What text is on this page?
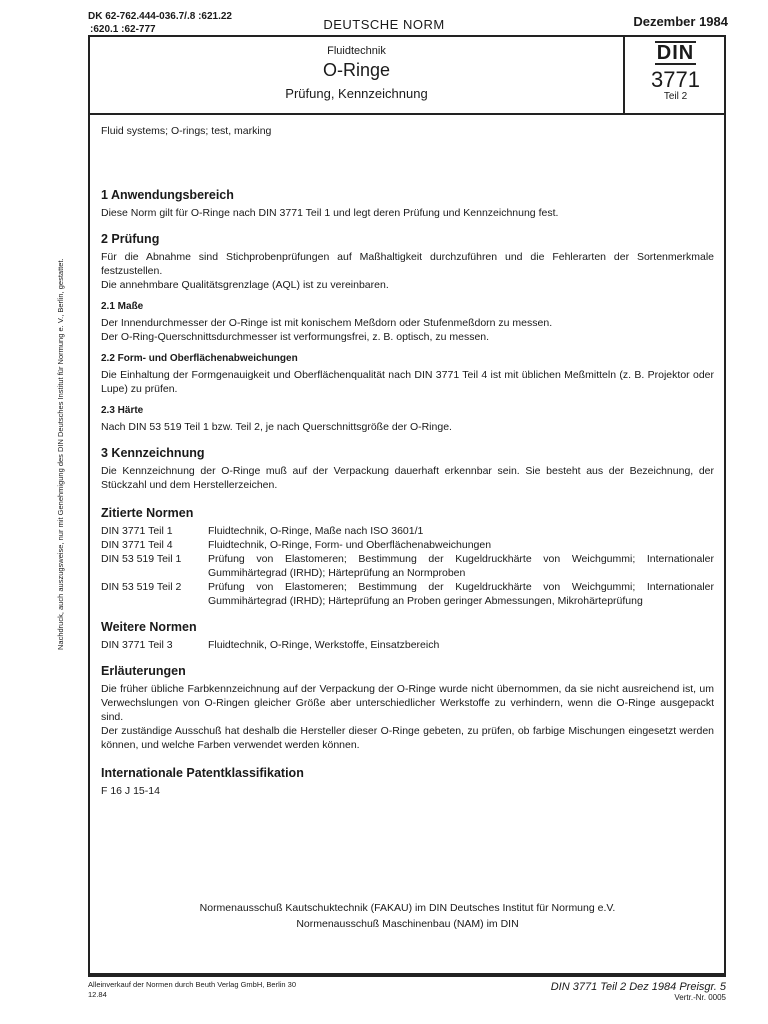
DK 62-762.444-036.7/.8 :621.22
:620.1 :62-777	DEUTSCHE NORM	Dezember 1984
Fluidtechnik
O-Ringe
Prüfung, Kennzeichnung
DIN
3771
Teil 2
Nachdruck, auch auszugsweise, nur mit Genehmigung des DIN Deutsches Institut für Normung e. V., Berlin, gestattet.

Fluid systems; O-rings; test, marking

1 Anwendungsbereich

Diese Norm gilt für O-Ringe nach DIN 3771 Teil 1 und legt deren Prüfung und Kennzeichnung fest.

2 Prüfung

Für die Abnahme sind Stichprobenprüfungen auf Maßhaltigkeit durchzuführen und die Fehlerarten der Sortenmerkmale festzustellen.

Die annehmbare Qualitätsgrenzlage (AQL) ist zu vereinbaren.

2.1 Maße

Der Innendurchmesser der O-Ringe ist mit konischem Meßdorn oder Stufenmeßdorn zu messen.

Der O-Ring-Querschnittsdurchmesser ist verformungsfrei, z. B. optisch, zu messen.

2.2 Form- und Oberflächenabweichungen

Die Einhaltung der Formgenauigkeit und Oberflächenqualität nach DIN 3771 Teil 4 ist mit üblichen Meßmitteln (z. B. Projektor oder Lupe) zu prüfen.

2.3 Härte

Nach DIN 53 519 Teil 1 bzw. Teil 2, je nach Querschnittsgröße der O-Ringe.

3 Kennzeichnung

Die Kennzeichnung der O-Ringe muß auf der Verpackung dauerhaft erkennbar sein. Sie besteht aus der Bezeichnung, der Stückzahl und dem Herstellerzeichen.

Zitierte Normen
DIN 3771 Teil 1	Fluidtechnik, O-Ringe, Maße nach ISO 3601/1
DIN 3771 Teil 4	Fluidtechnik, O-Ringe, Form- und Oberflächenabweichungen
DIN 53 519 Teil 1	Prüfung von Elastomeren; Bestimmung der Kugeldruckhärte von Weichgummi; Internationaler Gummihärtegrad (IRHD); Härteprüfung an Normproben
DIN 53 519 Teil 2	Prüfung von Elastomeren; Bestimmung der Kugeldruckhärte von Weichgummi; Internationaler Gummihärtegrad (IRHD); Härteprüfung an Proben geringer Abmessungen, Mikrohärteprüfung
Weitere Normen
DIN 3771 Teil 3	Fluidtechnik, O-Ringe, Werkstoffe, Einsatzbereich
Erläuterungen

Die früher übliche Farbkennzeichnung auf der Verpackung der O-Ringe wurde nicht übernommen, da sie nicht ausreichend ist, um Verwechslungen von O-Ringen gleicher Größe aber unterschiedlicher Werkstoffe zu verhindern, wenn die O-Ringe ausgepackt sind.

Der zuständige Ausschuß hat deshalb die Hersteller dieser O-Ringe gebeten, zu prüfen, ob farbige Mischungen eingesetzt werden können, und welche Farben verwendet werden können.

Internationale Patentklassifikation

F 16 J 15-14

Normenausschuß Kautschuktechnik (FAKAU) im DIN Deutsches Institut für Normung e.V.
Normenausschuß Maschinenbau (NAM) im DIN
Alleinverkauf der Normen durch Beuth Verlag GmbH, Berlin 30
12.84
DIN 3771 Teil 2 Dez 1984 Preisgr. 5
Vertr.-Nr. 0005
